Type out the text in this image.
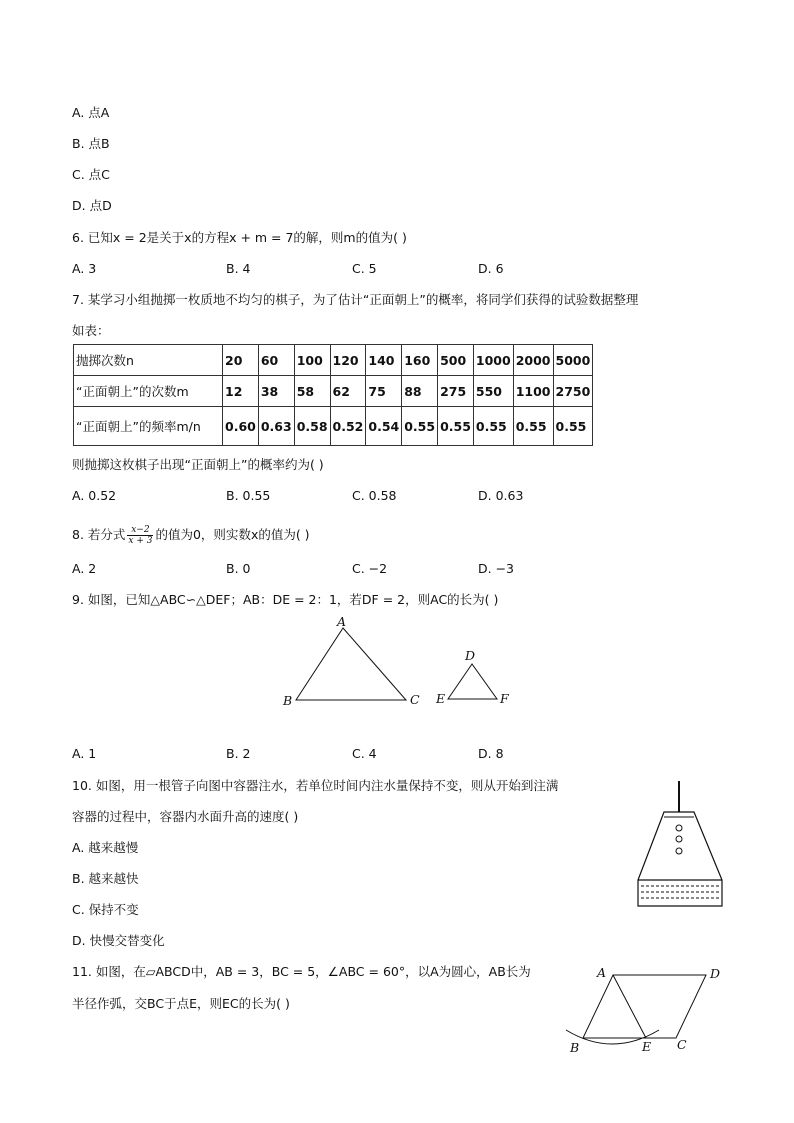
A. 点A
B. 点B
C. 点C
D. 点D
6. 已知x = 2是关于x的方程x + m = 7的解，则m的值为( )
A. 3	B. 4	C. 5	D. 6
7. 某学习小组抛掷一枚质地不均匀的棋子，为了估计“正面朝上”的概率，将同学们获得的试验数据整理
如表：
抛掷次数n	20	60	100	120	140	160	500	1000	2000	5000
“正面朝上”的次数m	12	38	58	62	75	88	275	550	1100	2750
“正面朝上”的频率m/n	0.60	0.63	0.58	0.52	0.54	0.55	0.55	0.55	0.55	0.55
则抛掷这枚棋子出现“正面朝上”的概率约为( )
A. 0.52	B. 0.55	C. 0.58	D. 0.63
8. 若分式 $\frac{x-2}{x + 3}$ 的值为0，则实数x的值为( )
A. 2	B. 0	C. −2	D. −3
9. 如图，已知△ABC∽△DEF；AB：DE = 2：1，若DF = 2，则AC的长为( )
A
B	C
D
E	F
A. 1	B. 2	C. 4	D. 8
10. 如图，用一根管子向图中容器注水，若单位时间内注水量保持不变，则从开始到注满
容器的过程中，容器内水面升高的速度( )
A. 越来越慢
B. 越来越快
C. 保持不变
D. 快慢交替变化
11. 如图，在▱ABCD中，AB = 3，BC = 5，∠ABC = 60°，以A为圆心，AB长为
半径作弧，交BC于点E，则EC的长为( )
A	D
B	E C
